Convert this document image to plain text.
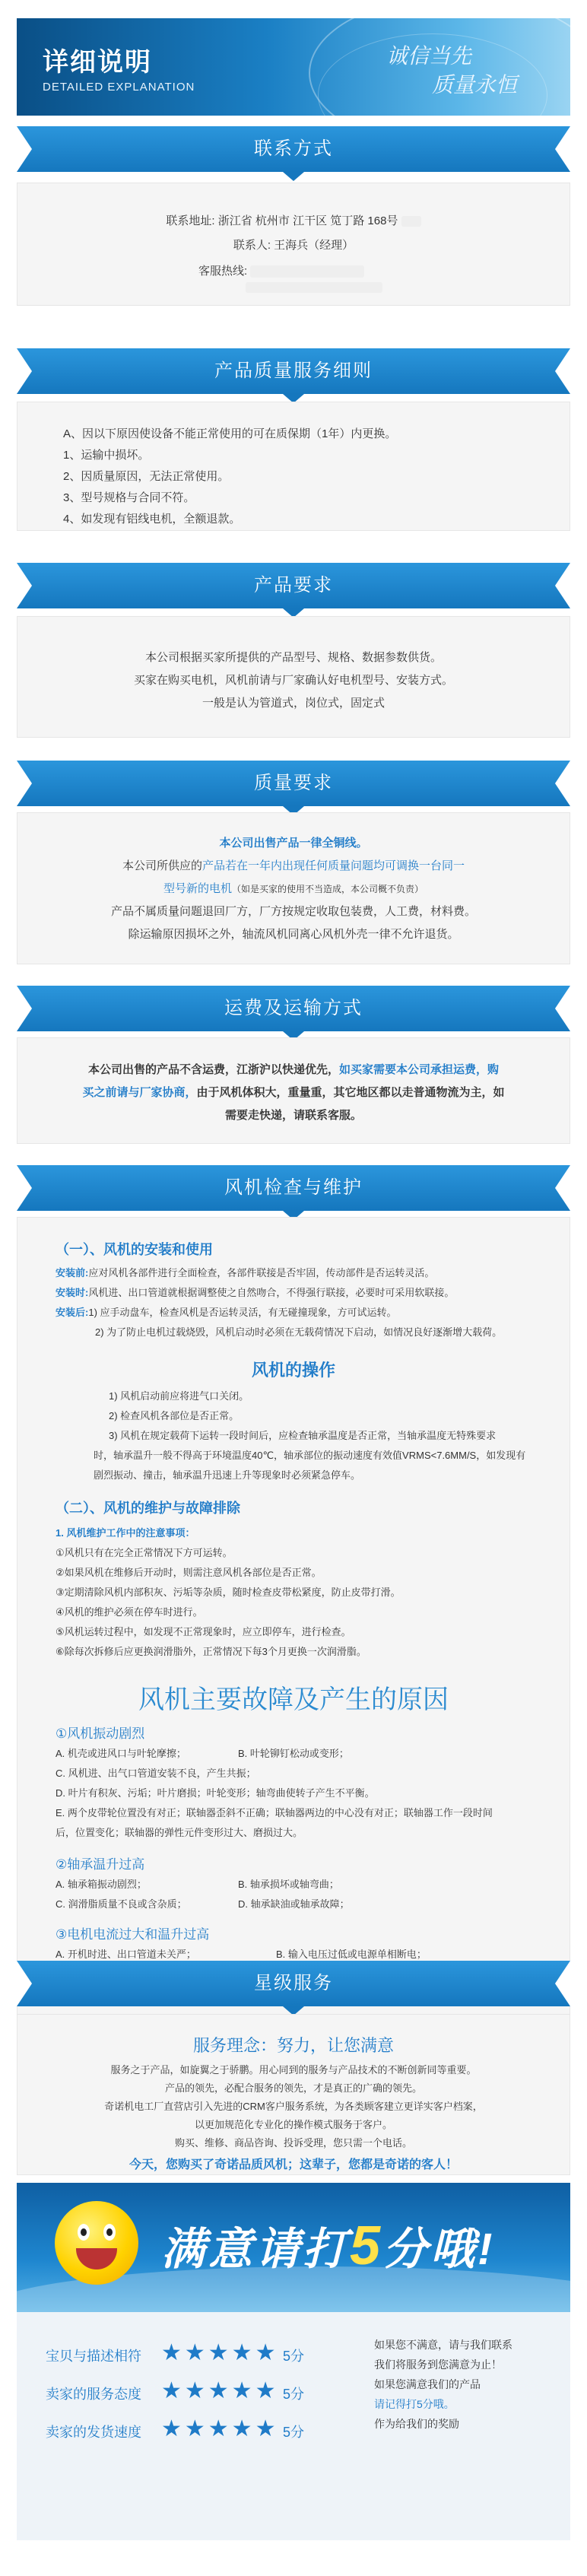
详细说明
DETAILED EXPLANATION
诚信当先
质量永恒
联系方式
联系地址: 浙江省 杭州市 江干区 笕丁路 168号
联系人: 王海兵（经理）
客服热线:
产品质量服务细则
A、因以下原因使设备不能正常使用的可在质保期（1年）内更换。
1、运输中损坏。
2、因质量原因，无法正常使用。
3、型号规格与合同不符。
4、如发现有铝线电机，全额退款。
产品要求
本公司根据买家所提供的产品型号、规格、数据参数供货。
买家在购买电机，风机前请与厂家确认好电机型号、安装方式。
一般是认为管道式，岗位式，固定式
质量要求
本公司出售产品一律全铜线。
本公司所供应的产品若在一年内出现任何质量问题均可调换一台同一
型号新的电机（如是买家的使用不当造成，本公司概不负责）
产品不属质量问题退回厂方，厂方按规定收取包装费，人工费，材料费。
除运输原因损坏之外，轴流风机同离心风机外壳一律不允许退货。
运费及运输方式
本公司出售的产品不含运费，江浙沪以快递优先，如买家需要本公司承担运费，购
买之前请与厂家协商，由于风机体积大，重量重，其它地区都以走普通物流为主，如
需要走快递，请联系客服。
风机检查与维护
（一）、风机的安装和使用
安装前:应对风机各部件进行全面检查，各部件联接是否牢固，传动部件是否运转灵活。
安装时:风机进、出口管道就根据调整使之自然吻合，不得强行联接，必要时可采用软联接。
安装后:1) 应手动盘车，检查风机是否运转灵活，有无碰撞现象，方可试运转。
2) 为了防止电机过载烧毁，风机启动时必须在无载荷情况下启动，如情况良好逐渐增大载荷。
风机的操作
1) 风机启动前应将进气口关闭。
2) 检查风机各部位是否正常。
3) 风机在规定载荷下运转一段时间后，应检查轴承温度是否正常，当轴承温度无特殊要求
时，轴承温升一般不得高于环境温度40℃，轴承部位的振动速度有效值VRMS<7.6MM/S，如发现有
剧烈振动、撞击，轴承温升迅速上升等现象时必须紧急停车。
（二）、风机的维护与故障排除
1. 风机维护工作中的注意事项：
①风机只有在完全正常情况下方可运转。
②如果风机在维修后开动时，则需注意风机各部位是否正常。
③定期清除风机内部积灰、污垢等杂质，随时检查皮带松紧度，防止皮带打滑。
④风机的维护必须在停车时进行。
⑤风机运转过程中，如发现不正常现象时，应立即停车，进行检查。
⑥除每次拆修后应更换润滑脂外，正常情况下每3个月更换一次润滑脂。
风机主要故障及产生的原因
①风机振动剧烈
A. 机壳或进风口与叶轮摩擦；	B. 叶轮铆钉松动或变形；
C. 风机进、出气口管道安装不良，产生共振；
D. 叶片有积灰、污垢；叶片磨损；叶轮变形；轴弯曲使转子产生不平衡。
E. 两个皮带轮位置没有对正；联轴器歪斜不正确；联轴器两边的中心没有对正；联轴器工作一段时间
后，位置变化；联轴器的弹性元件变形过大、磨损过大。
②轴承温升过高
A. 轴承箱振动剧烈；	B. 轴承损坏或轴弯曲；
C. 润滑脂质量不良或含杂质；	D. 轴承缺油或轴承故障；
③电机电流过大和温升过高
A. 开机时进、出口管道未关严；	B. 输入电压过低或电源单相断电；
星级服务
服务理念：努力，让您满意
服务之于产品，如旋翼之于骄鹏。用心同到的服务与产品技术的不断创新同等重要。
产品的领先，必配合服务的领先，才是真正的广确的领先。
奇诺机电工厂直营店引入先进的CRM客户服务系统，为各类顾客建立更详实客户档案，
以更加规范化专业化的操作模式服务于客户。
购买、维修、商品咨询、投诉受理，您只需一个电话。
今天，您购买了奇诺品质风机；这辈子，您都是奇诺的客人！
满意请打5分哦!
宝贝与描述相符 ★★★★★ 5分
卖家的服务态度 ★★★★★ 5分
卖家的发货速度 ★★★★★ 5分
如果您不满意，请与我们联系
我们将服务到您满意为止！
如果您满意我们的产品
请记得打5分哦。
作为给我们的奖励
